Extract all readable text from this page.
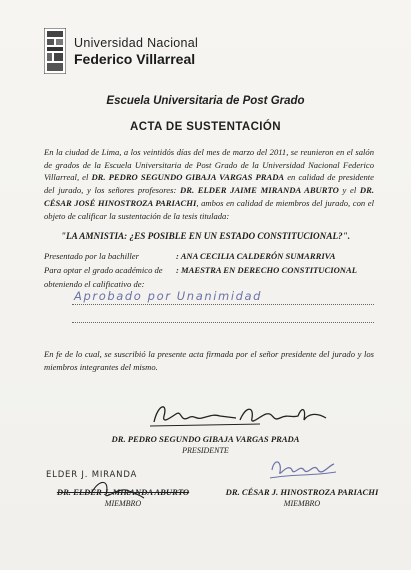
Universidad Nacional
Federico Villarreal
Escuela Universitaria de Post Grado
ACTA DE SUSTENTACIÓN
En la ciudad de Lima, a los veintidós días del mes de marzo del 2011, se reunieron en el salón de grados de la Escuela Universitaria de Post Grado de la Universidad Nacional Federico Villarreal, el DR. PEDRO SEGUNDO GIBAJA VARGAS PRADA en calidad de presidente del jurado, y los señores profesores: DR. ELDER JAIME MIRANDA ABURTO y el DR. CÉSAR JOSÉ HINOSTROZA PARIACHI, ambos en calidad de miembros del jurado, con el objeto de calificar la sustentación de la tesis titulada:
"LA AMNISTIA: ¿ES POSIBLE EN UN ESTADO CONSTITUCIONAL?".
Presentado por la bachiller	: ANA CECILIA CALDERÓN SUMARRIVA
Para optar el grado académico de : MAESTRA EN DERECHO CONSTITUCIONAL
obteniendo el calificativo de:
Aprobado por Unanimidad
En fe de lo cual, se suscribió la presente acta firmada por el señor presidente del jurado y los miembros integrantes del mismo.
DR. PEDRO SEGUNDO GIBAJA VARGAS PRADA
PRESIDENTE
ELDER J. MIRANDA
DR. ELDER J. MIRANDA ABURTO
MIEMBRO
DR. CÉSAR J. HINOSTROZA PARIACHI
MIEMBRO
